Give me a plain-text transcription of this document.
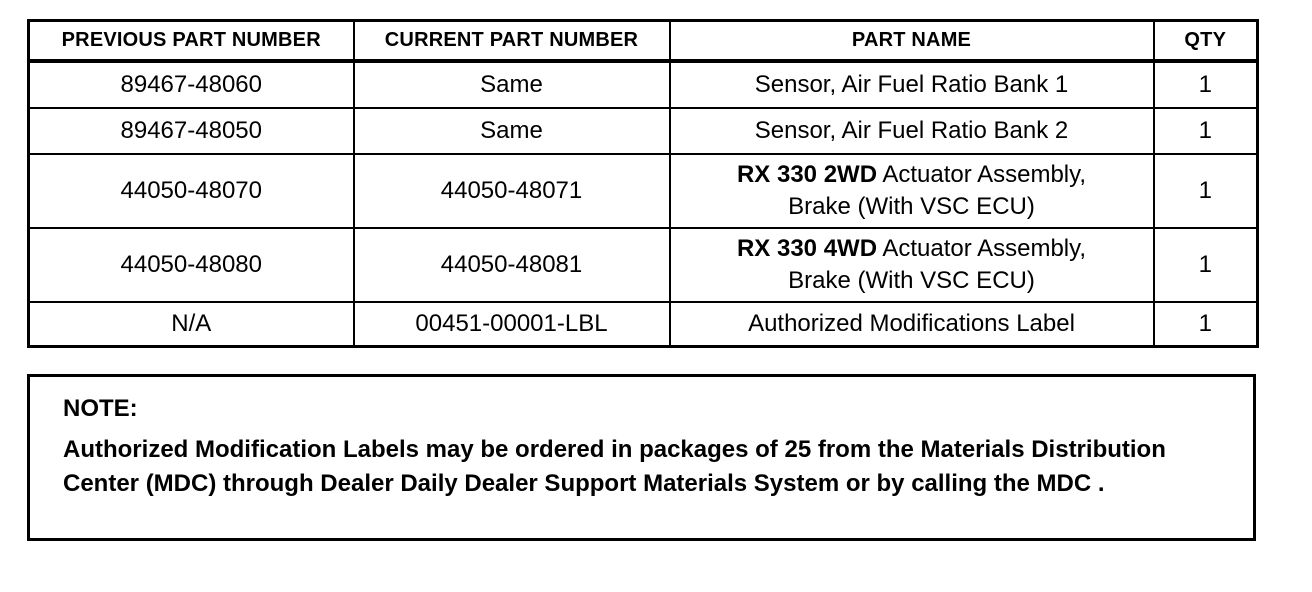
PREVIOUS PART NUMBER	CURRENT PART NUMBER	PART NAME	QTY
89467-48060	Same	Sensor, Air Fuel Ratio Bank 1	1
89467-48050	Same	Sensor, Air Fuel Ratio Bank 2	1
44050-48070	44050-48071	RX 330 2WD Actuator Assembly,
Brake (With VSC ECU)	1
44050-48080	44050-48081	RX 330 4WD Actuator Assembly,
Brake (With VSC ECU)	1
N/A	00451-00001-LBL	Authorized Modifications Label	1
NOTE:
Authorized Modification Labels may be ordered in packages of 25 from the Materials Distribution Center (MDC) through Dealer Daily Dealer Support Materials System or by calling the MDC .
